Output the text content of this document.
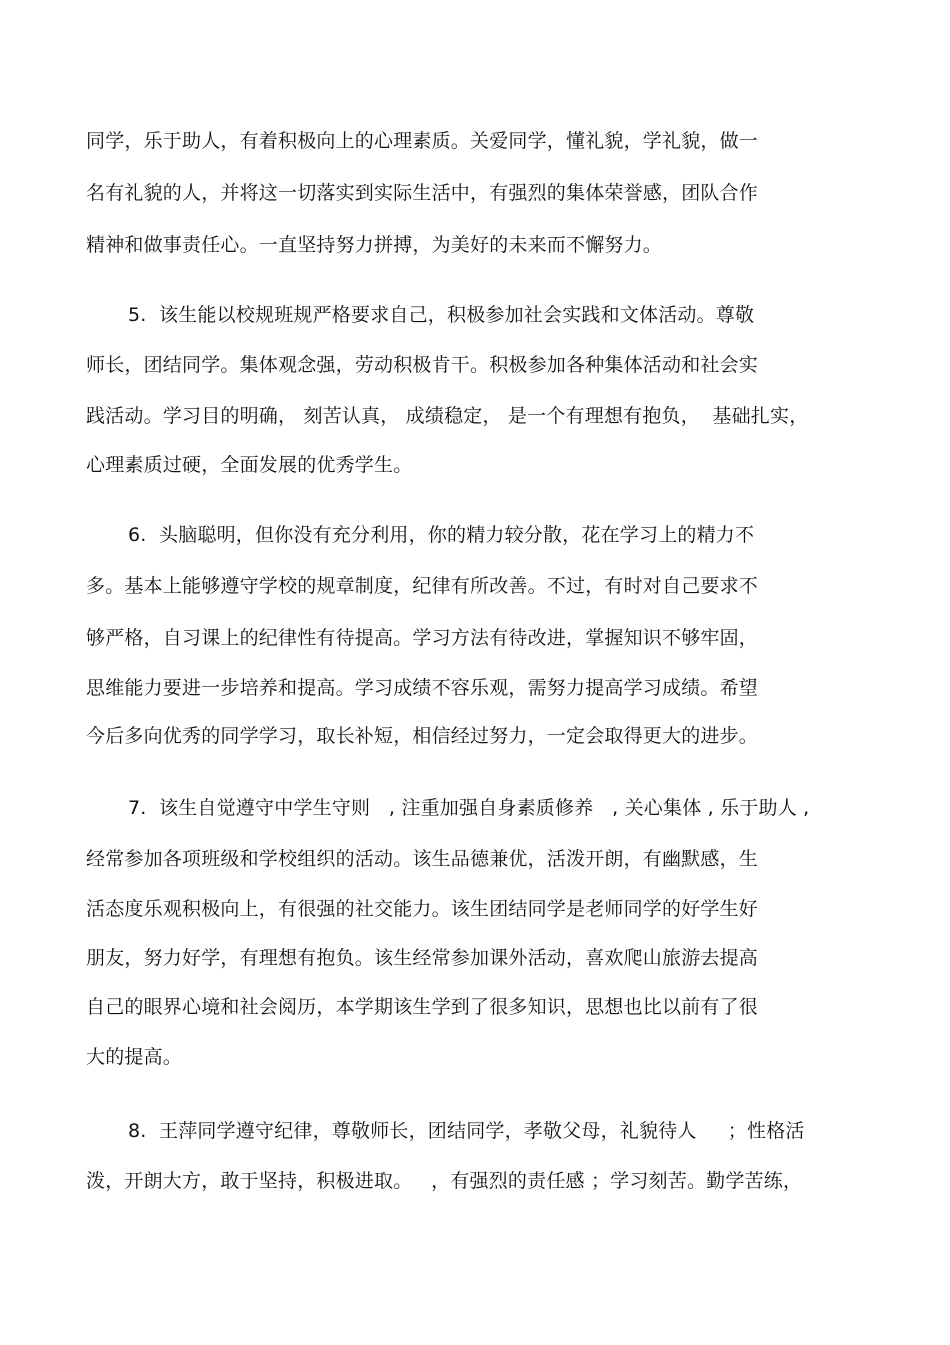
同学，乐于助人，有着积极向上的心理素质。关爱同学，懂礼貌，学礼貌，做一
名有礼貌的人，并将这一切落实到实际生活中，有强烈的集体荣誉感，团队合作
精神和做事责任心。一直坚持努力拼搏，为美好的未来而不懈努力。
5.  该生能以校规班规严格要求自己，积极参加社会实践和文体活动。尊敬
师长，团结同学。集体观念强，劳动积极肯干。积极参加各种集体活动和社会实
践活动。学习目的明确， 刻苦认真， 成绩稳定， 是一个有理想有抱负，  基础扎实，
心理素质过硬，全面发展的优秀学生。
6.  头脑聪明，但你没有充分利用，你的精力较分散，花在学习上的精力不
多。基本上能够遵守学校的规章制度，纪律有所改善。不过，有时对自己要求不
够严格，自习课上的纪律性有待提高。学习方法有待改进，掌握知识不够牢固，
思维能力要进一步培养和提高。学习成绩不容乐观，需努力提高学习成绩。希望
今后多向优秀的同学学习，取长补短，相信经过努力，一定会取得更大的进步。
7.  该生自觉遵守中学生守则   , 注重加强自身素质修养   , 关心集体 , 乐于助人 ,
经常参加各项班级和学校组织的活动。该生品德兼优，活泼开朗，有幽默感，生
活态度乐观积极向上，有很强的社交能力。该生团结同学是老师同学的好学生好
朋友，努力好学，有理想有抱负。该生经常参加课外活动，喜欢爬山旅游去提高
自己的眼界心境和社会阅历，本学期该生学到了很多知识，思想也比以前有了很
大的提高。
8.  王萍同学遵守纪律，尊敬师长，团结同学，孝敬父母，礼貌待人     ；性格活
泼，开朗大方，敢于坚持，积极进取。   ，有强烈的责任感 ；学习刻苦。勤学苦练，
